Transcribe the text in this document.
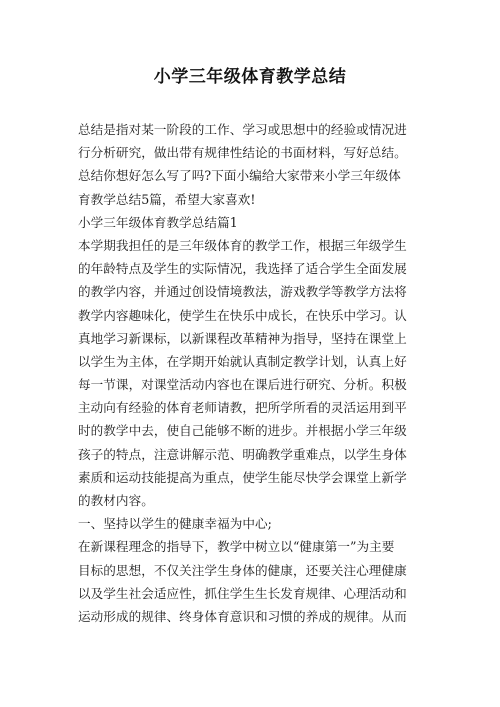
小学三年级体育教学总结
总结是指对某一阶段的工作、学习或思想中的经验或情况进
行分析研究，做出带有规律性结论的书面材料，写好总结。
总结你想好怎么写了吗?下面小编给大家带来小学三年级体
育教学总结5篇，希望大家喜欢!
小学三年级体育教学总结篇1
本学期我担任的是三年级体育的教学工作，根据三年级学生
的年龄特点及学生的实际情况，我选择了适合学生全面发展
的教学内容，并通过创设情境教法，游戏教学等教学方法将
教学内容趣味化，使学生在快乐中成长，在快乐中学习。认
真地学习新课标，以新课程改革精神为指导，坚持在课堂上
以学生为主体，在学期开始就认真制定教学计划，认真上好
每一节课，对课堂活动内容也在课后进行研究、分析。积极
主动向有经验的体育老师请教，把所学所看的灵活运用到平
时的教学中去，使自己能够不断的进步。并根据小学三年级
孩子的特点，注意讲解示范、明确教学重难点，以学生身体
素质和运动技能提高为重点，使学生能尽快学会课堂上新学
的教材内容。
一、坚持以学生的健康幸福为中心;
在新课程理念的指导下，教学中树立以“健康第一”为主要
目标的思想，不仅关注学生身体的健康，还要关注心理健康
以及学生社会适应性，抓住学生生长发育规律、心理活动和
运动形成的规律、终身体育意识和习惯的养成的规律。从而
